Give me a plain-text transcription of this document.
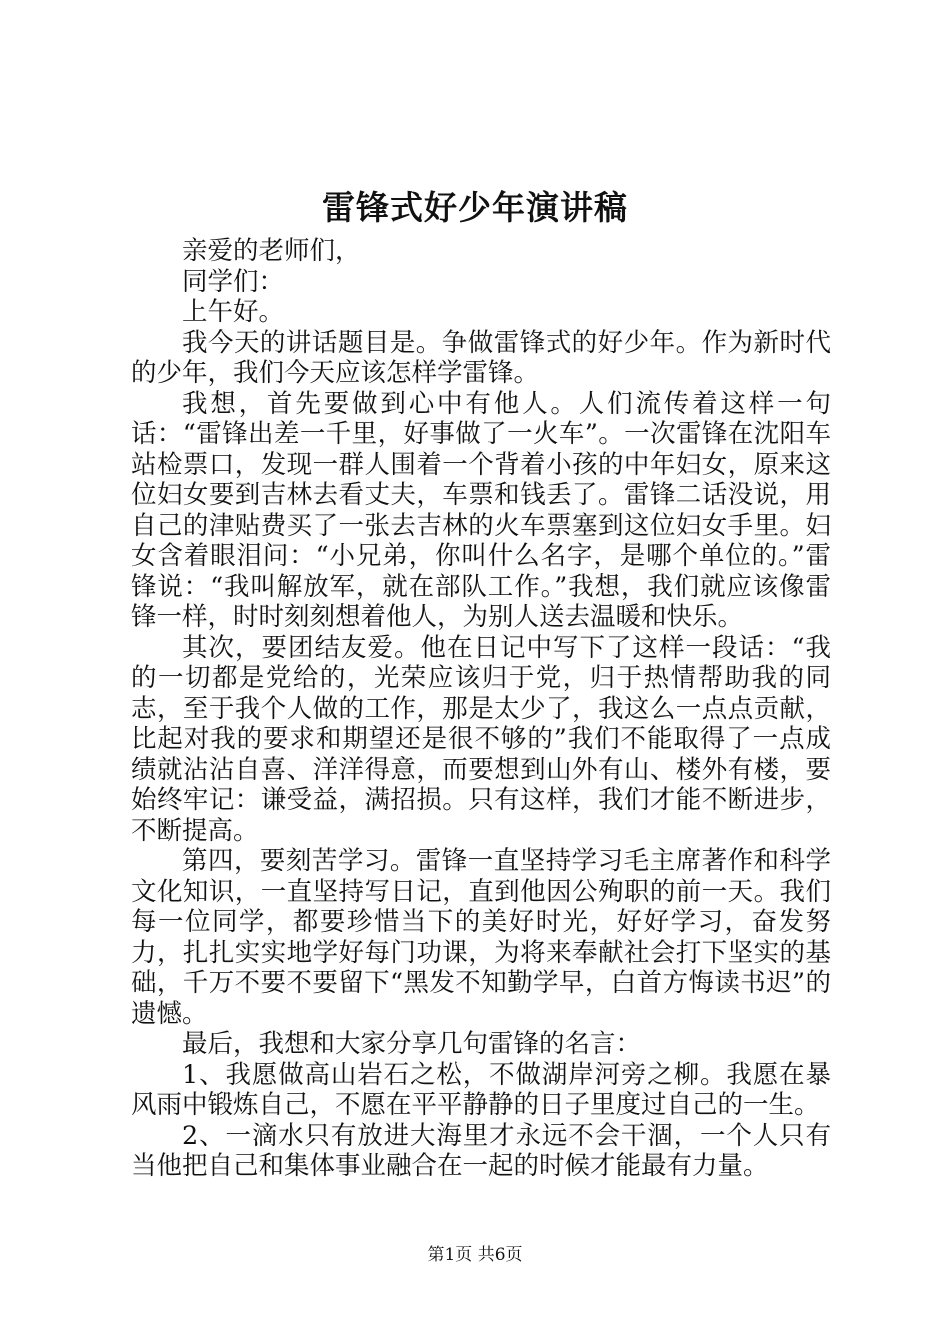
雷锋式好少年演讲稿

亲爱的老师们，

同学们：

上午好。

我今天的讲话题目是。争做雷锋式的好少年。作为新时代的少年，我们今天应该怎样学雷锋。

我想，首先要做到心中有他人。人们流传着这样一句话：“雷锋出差一千里，好事做了一火车”。一次雷锋在沈阳车站检票口，发现一群人围着一个背着小孩的中年妇女，原来这位妇女要到吉林去看丈夫，车票和钱丢了。雷锋二话没说，用自己的津贴费买了一张去吉林的火车票塞到这位妇女手里。妇女含着眼泪问：“小兄弟，你叫什么名字，是哪个单位的。”雷锋说：“我叫解放军，就在部队工作。”我想，我们就应该像雷锋一样，时时刻刻想着他人，为别人送去温暖和快乐。

其次，要团结友爱。他在日记中写下了这样一段话：“我的一切都是党给的，光荣应该归于党，归于热情帮助我的同志，至于我个人做的工作，那是太少了，我这么一点点贡献，比起对我的要求和期望还是很不够的”我们不能取得了一点成绩就沾沾自喜、洋洋得意，而要想到山外有山、楼外有楼，要始终牢记：谦受益，满招损。只有这样，我们才能不断进步，不断提高。

第四，要刻苦学习。雷锋一直坚持学习毛主席著作和科学文化知识，一直坚持写日记，直到他因公殉职的前一天。我们每一位同学，都要珍惜当下的美好时光，好好学习，奋发努力，扎扎实实地学好每门功课，为将来奉献社会打下坚实的基础，千万不要不要留下“黑发不知勤学早，白首方悔读书迟”的遗憾。

最后，我想和大家分享几句雷锋的名言：

1、我愿做高山岩石之松，不做湖岸河旁之柳。我愿在暴风雨中锻炼自己，不愿在平平静静的日子里度过自己的一生。

2、一滴水只有放进大海里才永远不会干涸，一个人只有当他把自己和集体事业融合在一起的时候才能最有力量。

第1页 共6页
